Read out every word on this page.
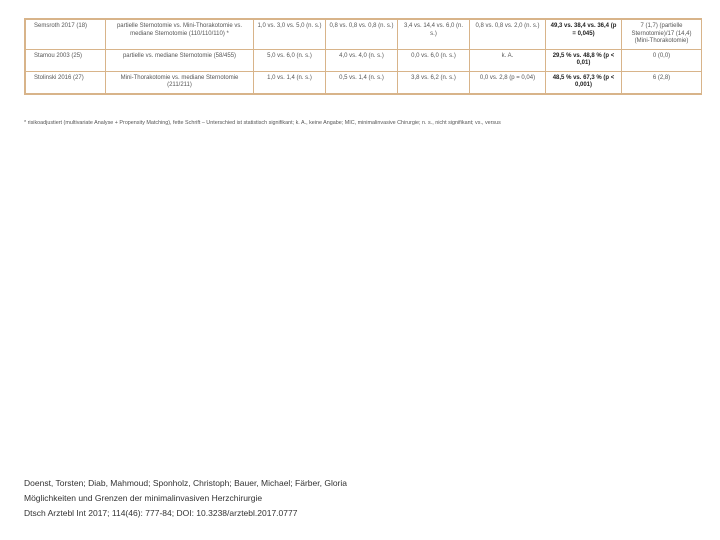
Semsroth 2017 (18)	partielle Sternotomie vs. Mini-Thorakotomie vs. mediane Sternotomie (110/110/110) *	1,0 vs. 3,0 vs. 5,0 (n. s.)	0,8 vs. 0,8 vs. 0,8 (n. s.)	3,4 vs. 14,4 vs. 6,0 (n. s.)	0,8 vs. 0,8 vs. 2,0 (n. s.)	49,3 vs. 38,4 vs. 36,4 (p = 0,045)	7 (1,7) (partielle Sternotomie)/17 (14,4) (Mini-Thorakotomie)
Stamou 2003 (25)	partielle vs. mediane Sternotomie (58/455)	5,0 vs. 6,0 (n. s.)	4,0 vs. 4,0 (n. s.)	0,0 vs. 6,0 (n. s.)	k. A.	29,5 % vs. 48,8 % (p < 0,01)	0 (0,0)
Stolinski 2016 (27)	Mini-Thorakotomie vs. mediane Sternotomie (211/211)	1,0 vs. 1,4 (n. s.)	0,5 vs. 1,4 (n. s.)	3,8 vs. 6,2 (n. s.)	0,0 vs. 2,8 (p = 0,04)	48,5 % vs. 67,3 % (p < 0,001)	6 (2,8)
* risikoadjustiert (multivariate Analyse + Propensity Matching), fette Schrift – Unterschied ist statistisch signifikant; k. A., keine Angabe; MIC, minimalinvasive Chirurgie; n. s., nicht signifikant; vs., versus
Doenst, Torsten; Diab, Mahmoud; Sponholz, Christoph; Bauer, Michael; Färber, Gloria
Möglichkeiten und Grenzen der minimalinvasiven Herzchirurgie
Dtsch Arztebl Int 2017; 114(46): 777-84; DOI: 10.3238/arztebl.2017.0777
